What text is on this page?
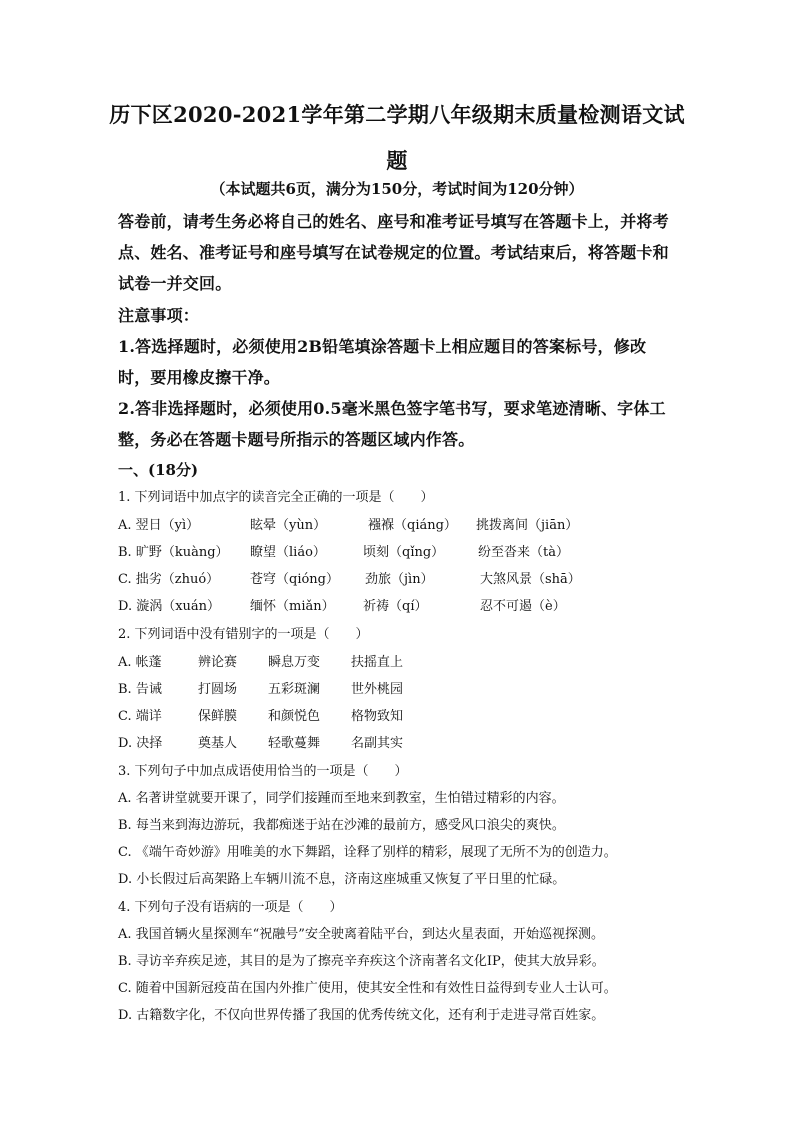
历下区2020-2021学年第二学期八年级期末质量检测语文试
题
（本试题共6页，满分为150分，考试时间为120分钟）
答卷前，请考生务必将自己的姓名、座号和准考证号填写在答题卡上，并将考点、姓名、准考证号和座号填写在试卷规定的位置。考试结束后，将答题卡和试卷一并交回。
注意事项：
1.答选择题时，必须使用2B铅笔填涂答题卡上相应题目的答案标号，修改时，要用橡皮擦干净。
2.答非选择题时，必须使用0.5毫米黑色签字笔书写，要求笔迹清晰、字体工整，务必在答题卡题号所指示的答题区域内作答。
一、(18分)
1. 下列词语中加点字的读音完全正确的一项是（　　）
A. 翌日（yì）	眩晕（yùn）	襁褓（qiáng） 挑拨离间（jiān）
B. 旷野（kuàng） 瞭望（liáo）	顷刻（qǐng）	纷至沓来（tà）
C. 拙劣（zhuó） 苍穹（qióng） 劲旅（jìn）	大煞风景（shā）
D. 漩涡（xuán） 缅怀（miǎn） 祈祷（qí）	忍不可遏（è）
2. 下列词语中没有错别字的一项是（　　）
A. 帐蓬	辨论赛 瞬息万变 扶摇直上
B. 告诫	打圆场 五彩斑澜 世外桃园
C. 端详	保鲜膜 和颜悦色 格物致知
D. 决择	奠基人 轻歌蔓舞 名副其实
3. 下列句子中加点成语使用恰当的一项是（　　）
A. 名著讲堂就要开课了，同学们接踵而至地来到教室，生怕错过精彩的内容。
B. 每当来到海边游玩，我都痴迷于站在沙滩的最前方，感受风口浪尖的爽快。
C. 《端午奇妙游》用唯美的水下舞蹈，诠释了别样的精彩，展现了无所不为的创造力。
D. 小长假过后高架路上车辆川流不息，济南这座城重又恢复了平日里的忙碌。
4. 下列句子没有语病的一项是（　　）
A. 我国首辆火星探测车“祝融号”安全驶离着陆平台，到达火星表面，开始巡视探测。
B. 寻访辛弃疾足迹，其目的是为了擦亮辛弃疾这个济南著名文化IP，使其大放异彩。
C. 随着中国新冠疫苗在国内外推广使用，使其安全性和有效性日益得到专业人士认可。
D. 古籍数字化，不仅向世界传播了我国的优秀传统文化，还有利于走进寻常百姓家。
